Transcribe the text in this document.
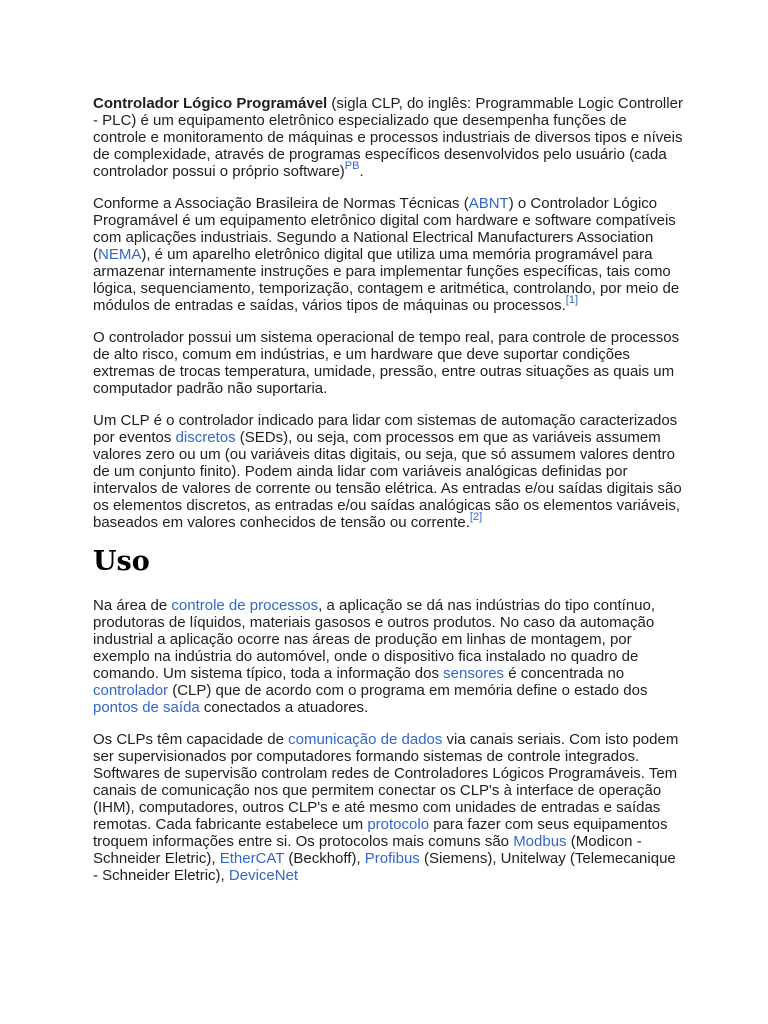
Controlador Lógico Programável (sigla CLP, do inglês: Programmable Logic Controller - PLC) é um equipamento eletrônico especializado que desempenha funções de controle e monitoramento de máquinas e processos industriais de diversos tipos e níveis de complexidade, através de programas específicos desenvolvidos pelo usuário (cada controlador possui o próprio software)$^{PB}$.

Conforme a Associação Brasileira de Normas Técnicas (ABNT) o Controlador Lógico Programável é um equipamento eletrônico digital com hardware e software compatíveis com aplicações industriais. Segundo a National Electrical Manufacturers Association (NEMA), é um aparelho eletrônico digital que utiliza uma memória programável para armazenar internamente instruções e para implementar funções específicas, tais como lógica, sequenciamento, temporização, contagem e aritmética, controlando, por meio de módulos de entradas e saídas, vários tipos de máquinas ou processos.[1]

O controlador possui um sistema operacional de tempo real, para controle de processos de alto risco, comum em indústrias, e um hardware que deve suportar condições extremas de trocas temperatura, umidade, pressão, entre outras situações as quais um computador padrão não suportaria.

Um CLP é o controlador indicado para lidar com sistemas de automação caracterizados por eventos discretos (SEDs), ou seja, com processos em que as variáveis assumem valores zero ou um (ou variáveis ditas digitais, ou seja, que só assumem valores dentro de um conjunto finito). Podem ainda lidar com variáveis analógicas definidas por intervalos de valores de corrente ou tensão elétrica. As entradas e/ou saídas digitais são os elementos discretos, as entradas e/ou saídas analógicas são os elementos variáveis, baseados em valores conhecidos de tensão ou corrente.[2]

Uso

Na área de controle de processos, a aplicação se dá nas indústrias do tipo contínuo, produtoras de líquidos, materiais gasosos e outros produtos. No caso da automação industrial a aplicação ocorre nas áreas de produção em linhas de montagem, por exemplo na indústria do automóvel, onde o dispositivo fica instalado no quadro de comando. Um sistema típico, toda a informação dos sensores é concentrada no controlador (CLP) que de acordo com o programa em memória define o estado dos pontos de saída conectados a atuadores.

Os CLPs têm capacidade de comunicação de dados via canais seriais. Com isto podem ser supervisionados por computadores formando sistemas de controle integrados. Softwares de supervisão controlam redes de Controladores Lógicos Programáveis. Tem canais de comunicação nos que permitem conectar os CLP's à interface de operação (IHM), computadores, outros CLP's e até mesmo com unidades de entradas e saídas remotas. Cada fabricante estabelece um protocolo para fazer com seus equipamentos troquem informações entre si. Os protocolos mais comuns são Modbus (Modicon - Schneider Eletric), EtherCAT (Beckhoff), Profibus (Siemens), Unitelway (Telemecanique - Schneider Eletric), DeviceNet
